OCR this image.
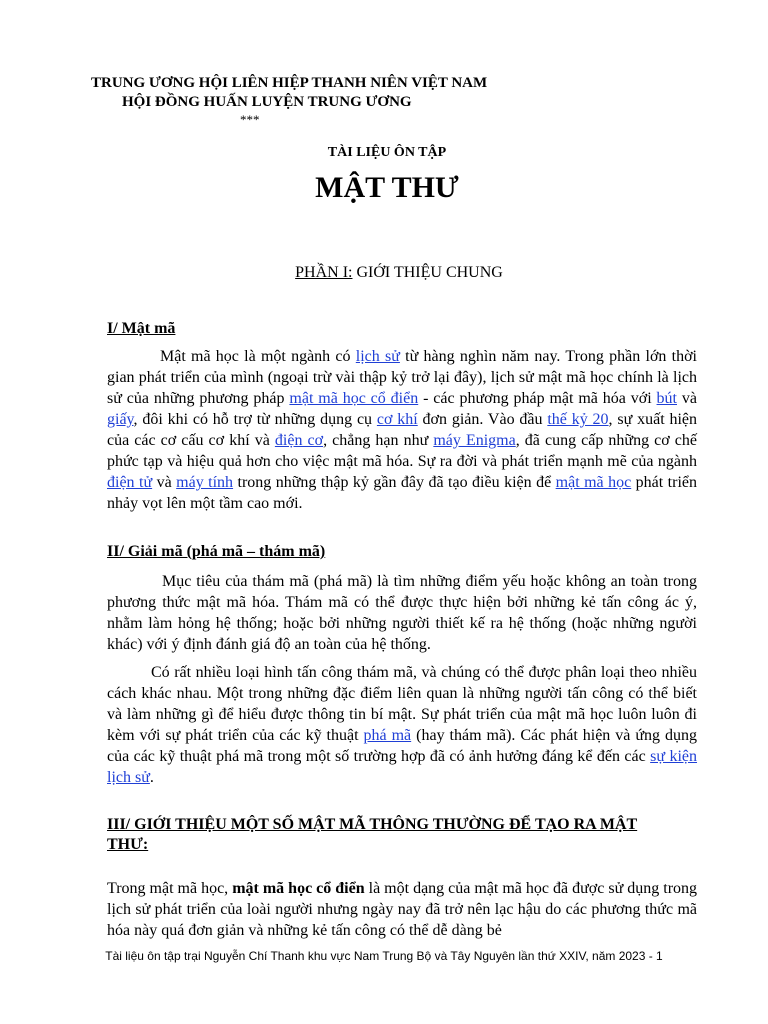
TRUNG ƯƠNG HỘI LIÊN HIỆP THANH NIÊN VIỆT NAM
HỘI ĐỒNG HUẤN LUYỆN TRUNG ƯƠNG
***
TÀI LIỆU ÔN TẬP
MẬT THƯ
PHẦN I: GIỚI THIỆU CHUNG
I/ Mật mã
Mật mã học là một ngành có lịch sử từ hàng nghìn năm nay. Trong phần lớn thời gian phát triển của mình (ngoại trừ vài thập kỷ trở lại đây), lịch sử mật mã học chính là lịch sử của những phương pháp mật mã học cổ điển - các phương pháp mật mã hóa với bút và giấy, đôi khi có hỗ trợ từ những dụng cụ cơ khí đơn giản. Vào đầu thế kỷ 20, sự xuất hiện của các cơ cấu cơ khí và điện cơ, chẳng hạn như máy Enigma, đã cung cấp những cơ chế phức tạp và hiệu quả hơn cho việc mật mã hóa. Sự ra đời và phát triển mạnh mẽ của ngành điện tử và máy tính trong những thập kỷ gần đây đã tạo điều kiện để mật mã học phát triển nhảy vọt lên một tầm cao mới.
II/ Giải mã (phá mã – thám mã)
Mục tiêu của thám mã (phá mã) là tìm những điểm yếu hoặc không an toàn trong phương thức mật mã hóa. Thám mã có thể được thực hiện bởi những kẻ tấn công ác ý, nhằm làm hỏng hệ thống; hoặc bởi những người thiết kế ra hệ thống (hoặc những người khác) với ý định đánh giá độ an toàn của hệ thống.
Có rất nhiều loại hình tấn công thám mã, và chúng có thể được phân loại theo nhiều cách khác nhau. Một trong những đặc điểm liên quan là những người tấn công có thể biết và làm những gì để hiểu được thông tin bí mật. Sự phát triển của mật mã học luôn luôn đi kèm với sự phát triển của các kỹ thuật phá mã (hay thám mã). Các phát hiện và ứng dụng của các kỹ thuật phá mã trong một số trường hợp đã có ảnh hưởng đáng kể đến các sự kiện lịch sử.
III/ GIỚI THIỆU MỘT SỐ MẬT MÃ THÔNG THƯỜNG ĐỂ TẠO RA MẬT
THƯ:
Trong mật mã học, mật mã học cổ điển là một dạng của mật mã học đã được sử dụng trong lịch sử phát triển của loài người nhưng ngày nay đã trở nên lạc hậu do các phương thức mã hóa này quá đơn giản và những kẻ tấn công có thể dễ dàng bẻ
Tài liệu ôn tập trại Nguyễn Chí Thanh khu vực Nam Trung Bộ và Tây Nguyên lần thứ XXIV, năm 2023 - 1
